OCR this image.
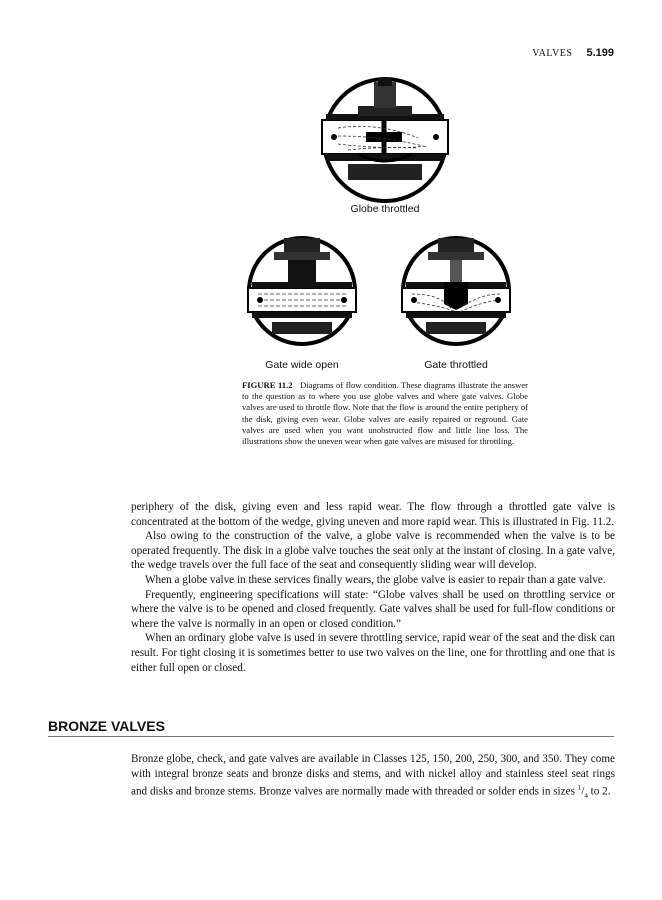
VALVES 5.199
Globe throttled
Gate wide open	Gate throttled
FIGURE 11.2 Diagrams of flow condition. These diagrams illustrate the answer to the question as to where you use globe valves and where gate valves. Globe valves are used to throttle flow. Note that the flow is around the entire periphery of the disk, giving even wear. Globe valves are easily repaired or reground. Gate valves are used when you want unobstructed flow and little line loss. The illustrations show the uneven wear when gate valves are misused for throttling.

periphery of the disk, giving even and less rapid wear. The flow through a throttled gate valve is concentrated at the bottom of the wedge, giving uneven and more rapid wear. This is illustrated in Fig. 11.2.

Also owing to the construction of the valve, a globe valve is recommended when the valve is to be operated frequently. The disk in a globe valve touches the seat only at the instant of closing. In a gate valve, the wedge travels over the full face of the seat and consequently sliding wear will develop.

When a globe valve in these services finally wears, the globe valve is easier to repair than a gate valve.

Frequently, engineering specifications will state: “Globe valves shall be used on throttling service or where the valve is to be opened and closed frequently. Gate valves shall be used for full-flow conditions or where the valve is normally in an open or closed condition.”

When an ordinary globe valve is used in severe throttling service, rapid wear of the seat and the disk can result. For tight closing it is sometimes better to use two valves on the line, one for throttling and one that is either full open or closed.

BRONZE VALVES

Bronze globe, check, and gate valves are available in Classes 125, 150, 200, 250, 300, and 350. They come with integral bronze seats and bronze disks and stems, and with nickel alloy and stainless steel seat rings and disks and bronze stems. Bronze valves are normally made with threaded or solder ends in sizes $^1/_4$ to 2.
